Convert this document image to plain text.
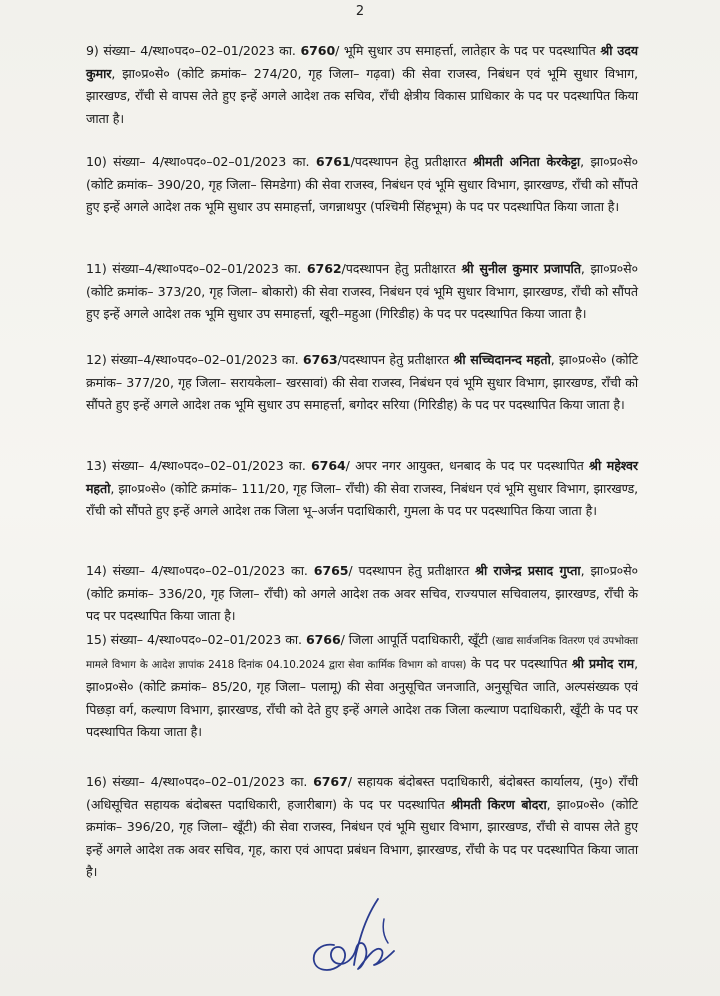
2
9) संख्या– 4/स्था०पद०–02–01/2023 का. 6760/ भूमि सुधार उप समाहर्त्ता, लातेहार के पद पर पदस्थापित श्री उदय कुमार, झा०प्र०से० (कोटि क्रमांक– 274/20, गृह जिला– गढ़वा) की सेवा राजस्व, निबंधन एवं भूमि सुधार विभाग, झारखण्ड, राँची से वापस लेते हुए इन्हें अगले आदेश तक सचिव, राँची क्षेत्रीय विकास प्राधिकार के पद पर पदस्थापित किया जाता है।
10) संख्या– 4/स्था०पद०–02–01/2023 का. 6761/पदस्थापन हेतु प्रतीक्षारत श्रीमती अनिता केरकेट्टा, झा०प्र०से० (कोटि क्रमांक– 390/20, गृह जिला– सिमडेगा) की सेवा राजस्व, निबंधन एवं भूमि सुधार विभाग, झारखण्ड, राँची को सौंपते हुए इन्हें अगले आदेश तक भूमि सुधार उप समाहर्त्ता, जगन्नाथपुर (पश्चिमी सिंहभूम) के पद पर पदस्थापित किया जाता है।
11) संख्या–4/स्था०पद०–02–01/2023 का. 6762/पदस्थापन हेतु प्रतीक्षारत श्री सुनील कुमार प्रजापति, झा०प्र०से० (कोटि क्रमांक– 373/20, गृह जिला– बोकारो) की सेवा राजस्व, निबंधन एवं भूमि सुधार विभाग, झारखण्ड, राँची को सौंपते हुए इन्हें अगले आदेश तक भूमि सुधार उप समाहर्त्ता, खूरी–महुआ (गिरिडीह) के पद पर पदस्थापित किया जाता है।
12) संख्या–4/स्था०पद०–02–01/2023 का. 6763/पदस्थापन हेतु प्रतीक्षारत श्री सच्चिदानन्द महतो, झा०प्र०से० (कोटि क्रमांक– 377/20, गृह जिला– सरायकेला– खरसावां) की सेवा राजस्व, निबंधन एवं भूमि सुधार विभाग, झारखण्ड, राँची को सौंपते हुए इन्हें अगले आदेश तक भूमि सुधार उप समाहर्त्ता, बगोदर सरिया (गिरिडीह) के पद पर पदस्थापित किया जाता है।
13) संख्या– 4/स्था०पद०–02–01/2023 का. 6764/ अपर नगर आयुक्त, धनबाद के पद पर पदस्थापित श्री महेश्वर महतो, झा०प्र०से० (कोटि क्रमांक– 111/20, गृह जिला– राँची) की सेवा राजस्व, निबंधन एवं भूमि सुधार विभाग, झारखण्ड, राँची को सौंपते हुए इन्हें अगले आदेश तक जिला भू–अर्जन पदाधिकारी, गुमला के पद पर पदस्थापित किया जाता है।
14) संख्या– 4/स्था०पद०–02–01/2023 का. 6765/ पदस्थापन हेतु प्रतीक्षारत श्री राजेन्द्र प्रसाद गुप्ता, झा०प्र०से० (कोटि क्रमांक– 336/20, गृह जिला– राँची) को अगले आदेश तक अवर सचिव, राज्यपाल सचिवालय, झारखण्ड, राँची के पद पर पदस्थापित किया जाता है।
15) संख्या– 4/स्था०पद०–02–01/2023 का. 6766/ जिला आपूर्ति पदाधिकारी, खूँटी (खाद्य सार्वजनिक वितरण एवं उपभोक्ता मामले विभाग के आदेश ज्ञापांक 2418 दिनांक 04.10.2024 द्वारा सेवा कार्मिक विभाग को वापस) के पद पर पदस्थापित श्री प्रमोद राम, झा०प्र०से० (कोटि क्रमांक– 85/20, गृह जिला– पलामू) की सेवा अनुसूचित जनजाति, अनुसूचित जाति, अल्पसंख्यक एवं पिछड़ा वर्ग, कल्याण विभाग, झारखण्ड, राँची को देते हुए इन्हें अगले आदेश तक जिला कल्याण पदाधिकारी, खूँटी के पद पर पदस्थापित किया जाता है।
16) संख्या– 4/स्था०पद०–02–01/2023 का. 6767/ सहायक बंदोबस्त पदाधिकारी, बंदोबस्त कार्यालय, (मु०) राँची (अधिसूचित सहायक बंदोबस्त पदाधिकारी, हजारीबाग) के पद पर पदस्थापित श्रीमती किरण बोदरा, झा०प्र०से० (कोटि क्रमांक– 396/20, गृह जिला– खूँटी) की सेवा राजस्व, निबंधन एवं भूमि सुधार विभाग, झारखण्ड, राँची से वापस लेते हुए इन्हें अगले आदेश तक अवर सचिव, गृह, कारा एवं आपदा प्रबंधन विभाग, झारखण्ड, राँची के पद पर पदस्थापित किया जाता है।
